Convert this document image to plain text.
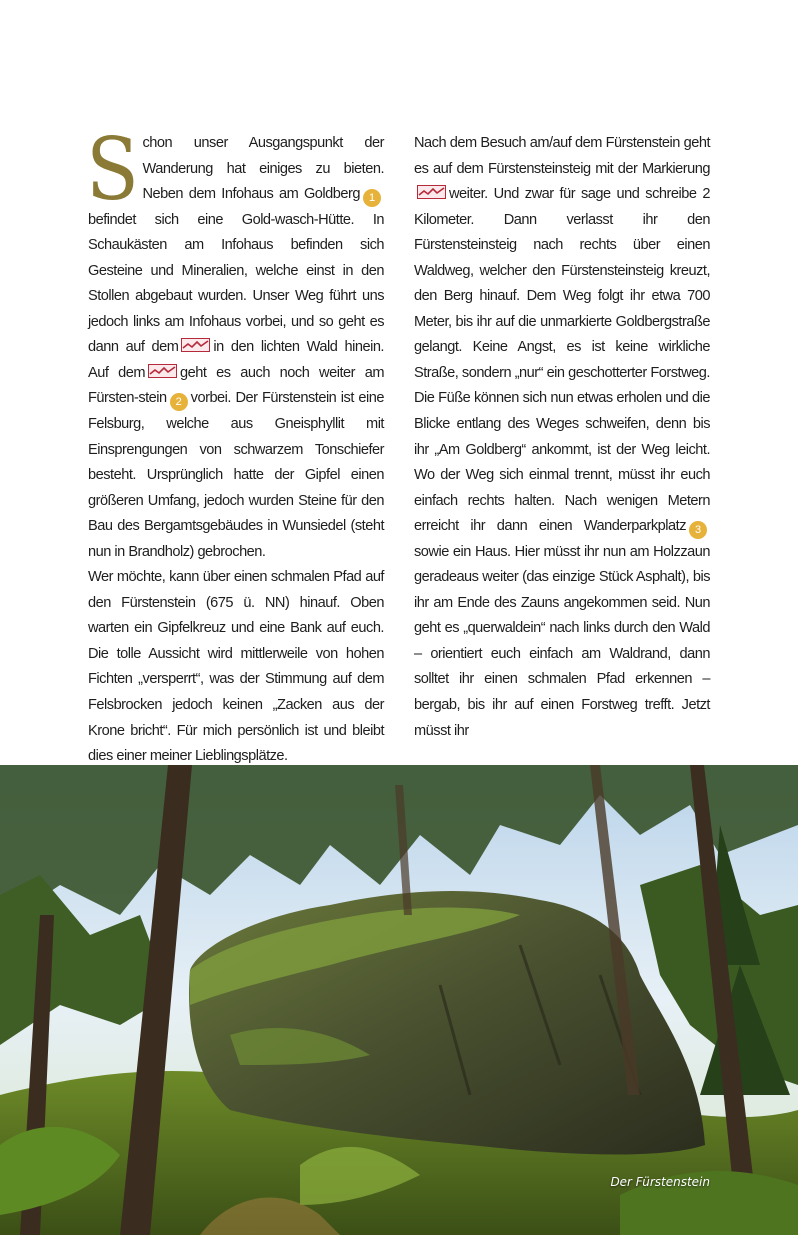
Schon unser Ausgangspunkt der Wanderung hat einiges zu bieten. Neben dem Infohaus am Goldberg 1befindet sich eine Gold-wasch-Hütte. In Schaukästen am Infohaus befinden sich Gesteine und Mineralien, welche einst in den Stollen abgebaut wurden. Unser Weg führt uns jedoch links am Infohaus vorbei, und so geht es dann auf dem in den lichten Wald hinein. Auf dem geht es auch noch weiter am Fürsten-stein 2 vorbei. Der Fürstenstein ist eine Felsburg, welche aus Gneisphyllit mit Einsprengungen von schwarzem Tonschiefer besteht. Ursprünglich hatte der Gipfel einen größeren Umfang, jedoch wurden Steine für den Bau des Bergamtsgebäudes in Wunsiedel (steht nun in Brandholz) gebrochen.

Wer möchte, kann über einen schmalen Pfad auf den Fürstenstein (675 ü. NN) hinauf. Oben warten ein Gipfelkreuz und eine Bank auf euch. Die tolle Aussicht wird mittlerweile von hohen Fichten „versperrt“, was der Stimmung auf dem Felsbrocken jedoch keinen „Zacken aus der Krone bricht“. Für mich persönlich ist und bleibt dies einer meiner Lieblingsplätze.

Nach dem Besuch am/auf dem Fürstenstein geht es auf dem Fürstensteinsteig mit der Markierung
weiter. Und zwar für sage und schreibe 2 Kilometer. Dann verlasst ihr den Fürstensteinsteig nach rechts über einen Waldweg, welcher den Fürstensteinsteig kreuzt, den Berg hinauf. Dem Weg folgt ihr etwa 700 Meter, bis ihr auf die unmarkierte Goldbergstraße gelangt. Keine Angst, es ist keine wirkliche Straße, sondern „nur“ ein geschotterter Forstweg.

Die Füße können sich nun etwas erholen und die Blicke entlang des Weges schweifen, denn bis ihr „Am Goldberg“ ankommt, ist der Weg leicht. Wo der Weg sich einmal trennt, müsst ihr euch einfach rechts halten. Nach wenigen Metern erreicht ihr dann einen Wanderparkplatz 3sowie ein Haus. Hier müsst ihr nun am Holzzaun geradeaus weiter (das einzige Stück Asphalt), bis ihr am Ende des Zauns angekommen seid. Nun geht es „querwaldein“ nach links durch den Wald – orientiert euch einfach am Waldrand, dann solltet ihr einen schmalen Pfad erkennen – bergab, bis ihr auf einen Forstweg trefft. Jetzt müsst ihr

Der Fürstenstein
